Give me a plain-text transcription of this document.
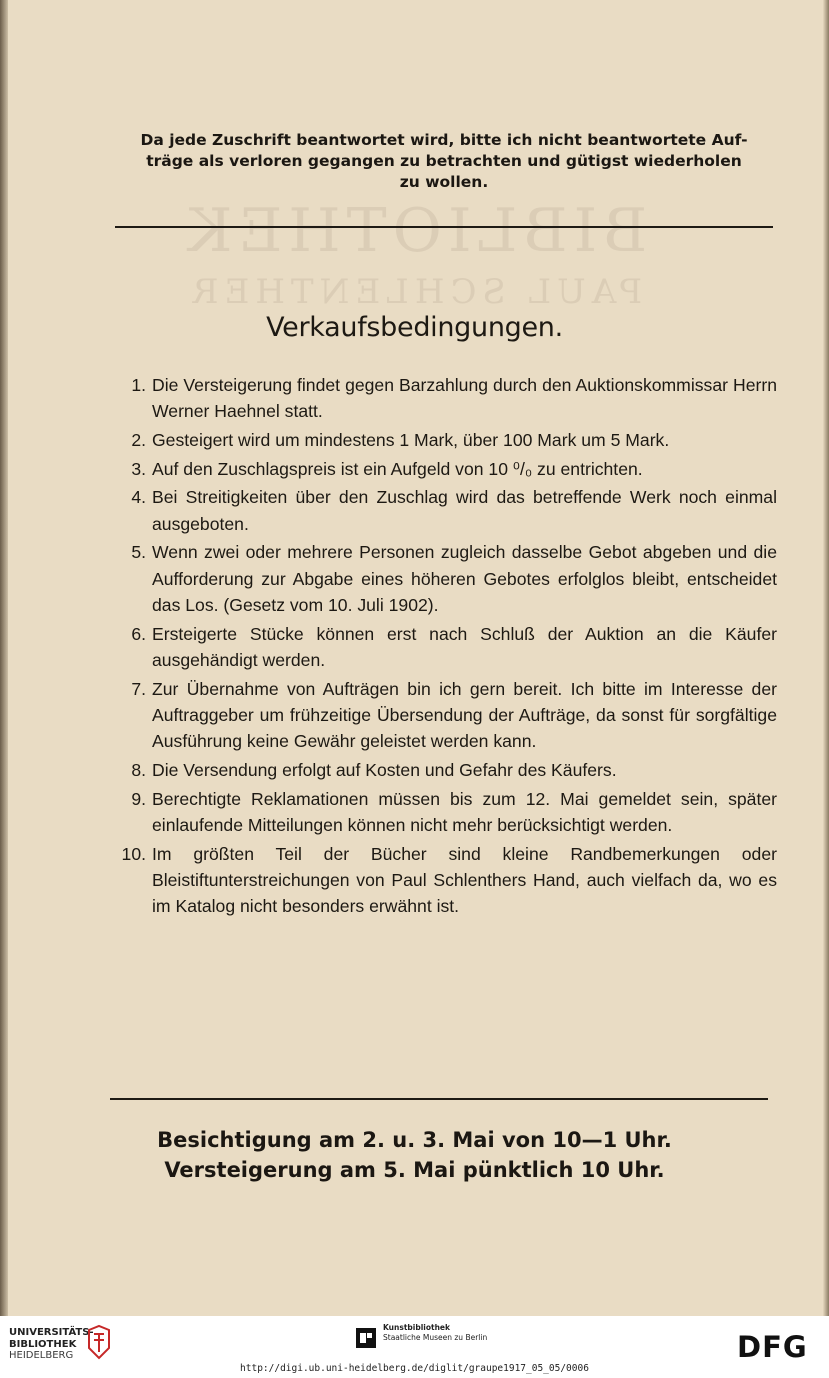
BIBLIOTHEK
PAUL SCHLENTHER

Da jede Zuschrift beantwortet wird, bitte ich nicht beantwortete Auf-

träge als verloren gegangen zu betrachten und gütigst wiederholen

zu wollen.

Verkaufsbedingungen.
1. Die Versteigerung findet gegen Barzahlung durch den Auktionskommissar Herrn Werner Haehnel statt.
2. Gesteigert wird um mindestens 1 Mark, über 100 Mark um 5 Mark.
3. Auf den Zuschlagspreis ist ein Aufgeld von 10 ⁰/₀ zu entrichten.
4. Bei Streitigkeiten über den Zuschlag wird das betreffende Werk noch einmal ausgeboten.
5. Wenn zwei oder mehrere Personen zugleich dasselbe Gebot abgeben und die Aufforderung zur Abgabe eines höheren Gebotes erfolglos bleibt, entscheidet das Los. (Gesetz vom 10. Juli 1902).
6. Ersteigerte Stücke können erst nach Schluß der Auktion an die Käufer ausgehändigt werden.
7. Zur Übernahme von Aufträgen bin ich gern bereit. Ich bitte im Interesse der Auftraggeber um frühzeitige Übersendung der Aufträge, da sonst für sorgfältige Ausführung keine Gewähr geleistet werden kann.
8. Die Versendung erfolgt auf Kosten und Gefahr des Käufers.
9. Berechtigte Reklamationen müssen bis zum 12. Mai gemeldet sein, später einlaufende Mitteilungen können nicht mehr berücksichtigt werden.
10. Im größten Teil der Bücher sind kleine Randbemerkungen oder Bleistiftunterstreichungen von Paul Schlenthers Hand, auch vielfach da, wo es im Katalog nicht besonders erwähnt ist.

Besichtigung am 2. u. 3. Mai von 10—1 Uhr.

Versteigerung am 5. Mai pünktlich 10 Uhr.

UNIVERSITÄTS-
BIBLIOTHEK
HEIDELBERG
Kunstbibliothek
Staatliche Museen zu Berlin	DFG
http://digi.ub.uni-heidelberg.de/diglit/graupe1917_05_05/0006
